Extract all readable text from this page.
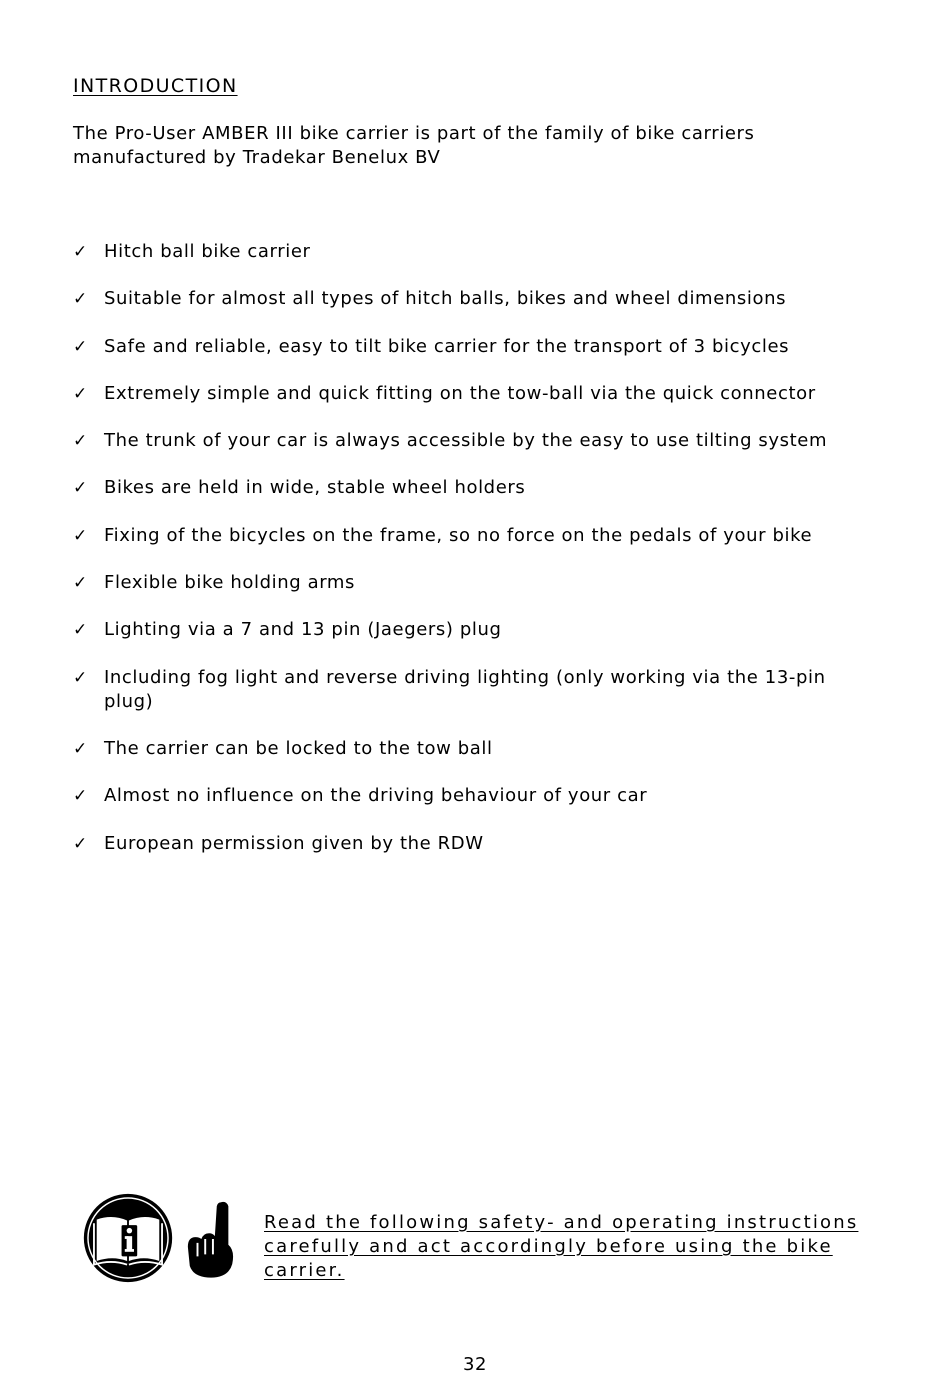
INTRODUCTION

The Pro-User AMBER III bike carrier is part of the family of bike carriers manufactured by Tradekar Benelux BV

✓ Hitch ball bike carrier
✓ Suitable for almost all types of hitch balls, bikes and wheel dimensions
✓ Safe and reliable, easy to tilt bike carrier for the transport of 3 bicycles
✓ Extremely simple and quick fitting on the tow-ball via the quick connector
✓ The trunk of your car is always accessible by the easy to use tilting system
✓ Bikes are held in wide, stable wheel holders
✓ Fixing of the bicycles on the frame, so no force on the pedals of your bike
✓ Flexible bike holding arms
✓ Lighting via a 7 and 13 pin (Jaegers) plug
✓ Including fog light and reverse driving lighting (only working via the 13-pin plug)
✓ The carrier can be locked to the tow ball
✓ Almost no influence on the driving behaviour of your car
✓ European permission given by the RDW

Read the following safety- and operating instructions carefully and act accordingly before using the bike carrier.

32
